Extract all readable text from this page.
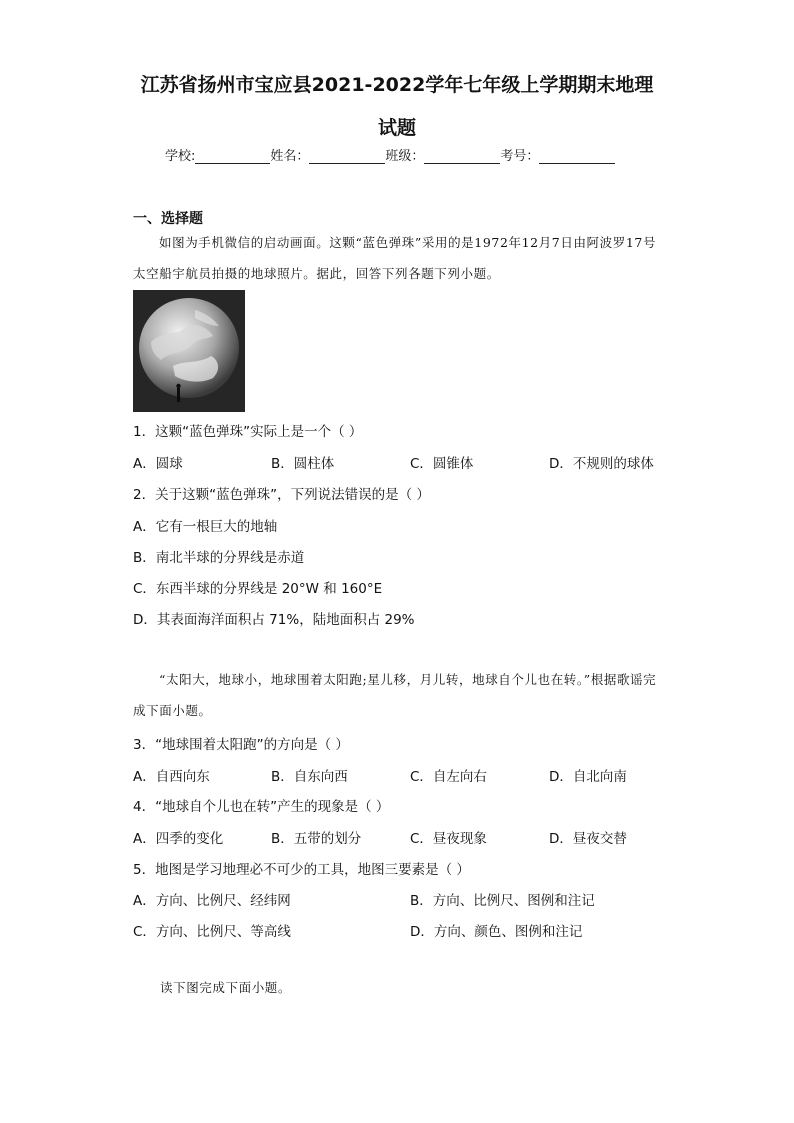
江苏省扬州市宝应县2021-2022学年七年级上学期期末地理
试题
学校:	姓名：	班级：	考号：
一、选择题
如图为手机微信的启动画面。这颗“蓝色弹珠”采用的是1972年12月7日由阿波罗17号太空船宇航员拍摄的地球照片。据此，回答下列各题下列小题。
1．这颗“蓝色弹珠”实际上是一个（ ）
A．圆球	B．圆柱体	C．圆锥体	D．不规则的球体
2．关于这颗“蓝色弹珠”，下列说法错误的是（ ）
A．它有一根巨大的地轴
B．南北半球的分界线是赤道
C．东西半球的分界线是 20°W 和 160°E
D．其表面海洋面积占 71%，陆地面积占 29%
“太阳大，地球小，地球围着太阳跑;星儿移，月儿转，地球自个儿也在转。”根据歌谣完成下面小题。
3．“地球围着太阳跑”的方向是（ ）
A．自西向东	B．自东向西	C．自左向右	D．自北向南
4．“地球自个儿也在转”产生的现象是（ ）
A．四季的变化	B．五带的划分	C．昼夜现象	D．昼夜交替
5．地图是学习地理必不可少的工具，地图三要素是（ ）
A．方向、比例尺、经纬网	B．方向、比例尺、图例和注记
C．方向、比例尺、等高线	D．方向、颜色、图例和注记
读下图完成下面小题。
